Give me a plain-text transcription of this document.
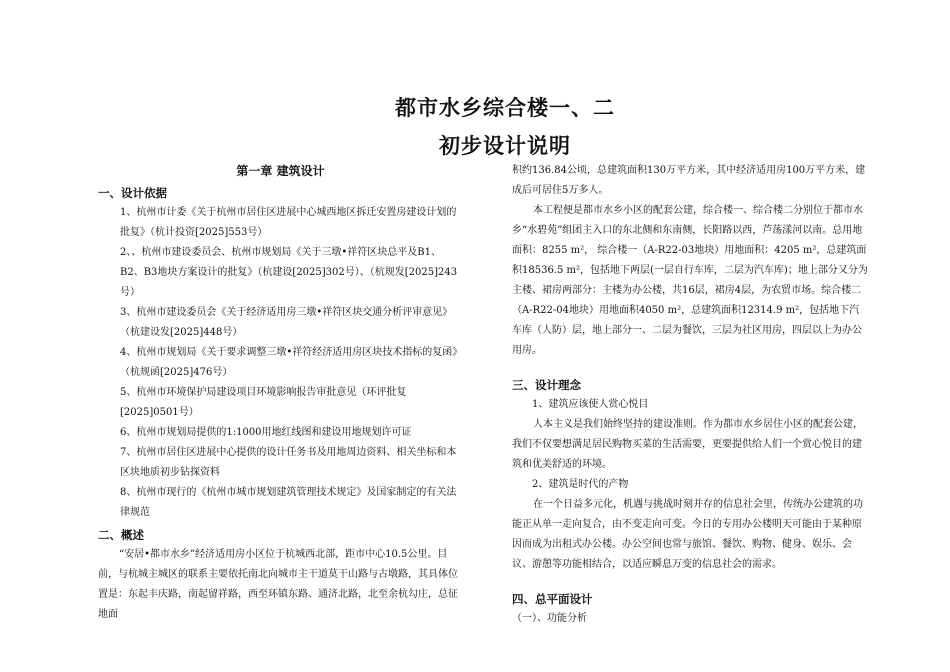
都市水乡综合楼一、二
初步设计说明
第一章 建筑设计
一、设计依据
1、杭州市计委《关于杭州市居住区进展中心城西地区拆迁安置房建设计划的批复》（杭计投资[2025]553号）
2、、杭州市建设委员会、杭州市规划局《关于三墩•祥符区块总平及B1、B2、B3地块方案设计的批复》（杭建设[2025]302号）、（杭规发[2025]243号）
3、杭州市建设委员会《关于经济适用房三墩•祥符区块交通分析评审意见》（杭建设发[2025]448号）
4、杭州市规划局《关于要求调整三墩•祥符经济适用房区块技术指标的复函》（杭规函[2025]476号）
5、杭州市环境保护局建设项目环境影响报告审批意见（环评批复[2025]0501号）
6、杭州市规划局提供的1:1000用地红线图和建设用地规划许可证
7、杭州市居住区进展中心提供的设计任务书及用地周边资料、相关坐标和本区块地质初步钻探资料
8、杭州市现行的《杭州市城市规划建筑管理技术规定》及国家制定的有关法律规范
二、概述
“安居•都市水乡”经济适用房小区位于杭城西北部，距市中心10.5公里。目前，与杭城主城区的联系主要依托南北向城市主干道莫干山路与古墩路，其具体位置是：东起丰庆路，南起留祥路，西至环镇东路、通济北路，北至余杭勾庄，总征地面
积约136.84公顷，总建筑面积130万平方米，其中经济适用房100万平方米，建成后可居住5万多人。
本工程便是都市水乡小区的配套公建，综合楼一、综合楼二分别位于都市水乡“水碧苑”组团主入口的东北侧和东南侧，长阳路以西，芦荡漾河以南。总用地面积：8255 m²， 综合楼一（A-R22-03地块）用地面积：4205 m²，总建筑面积18536.5 m²，包括地下两层(一层自行车库，二层为汽车库)；地上部分又分为主楼、裙房两部分：主楼为办公楼，共16层，裙房4层，为农贸市场。综合楼二（A-R22-04地块）用地面积4050 m²，总建筑面积12314.9 m²，包括地下汽车库（人防）层，地上部分一、二层为餐饮，三层为社区用房，四层以上为办公用房。
三、设计理念
1、建筑应该使人赏心悦目
人本主义是我们始终坚持的建设准则。作为都市水乡居住小区的配套公建，我们不仅要想满足居民购物买菜的生活需要，更要提供给人们一个赏心悦目的建筑和优美舒适的环境。
2、建筑是时代的产物
在一个日益多元化，机遇与挑战时刻并存的信息社会里，传统办公建筑的功能正从单一走向复合，由不变走向可变。今日的专用办公楼明天可能由于某种原因而成为出租式办公楼。办公空间也常与旅馆、餐饮、购物、健身、娱乐、会议、游憩等功能相结合，以适应瞬息万变的信息社会的需求。
四、总平面设计
（一）、功能分析
